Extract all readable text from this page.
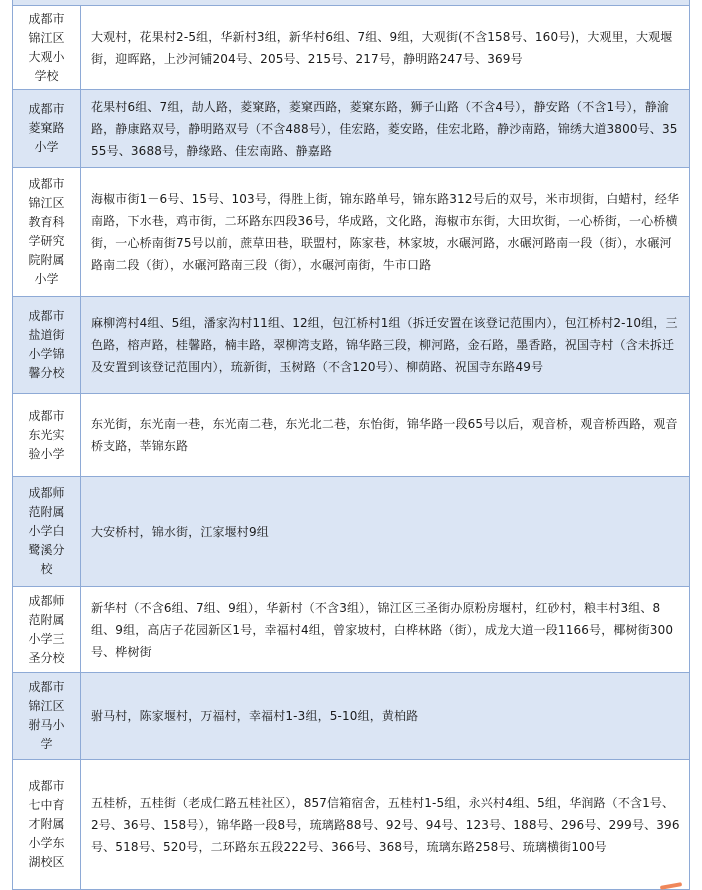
成都市锦江区大观小学校
大观村，花果村2-5组，华新村3组，新华村6组、7组、9组，大观街(不含158号、160号)，大观里，大观堰街，迎晖路，上沙河铺204号、205号、215号、217号，静明路247号、369号
成都市菱窠路小学
花果村6组、7组，劼人路，菱窠路，菱窠西路，菱窠东路，狮子山路（不含4号），静安路（不含1号），静渝路，静康路双号，静明路双号（不含488号），佳宏路，菱安路，佳宏北路，静沙南路，锦绣大道3800号、3555号、3688号，静缘路、佳宏南路、静嘉路
成都市锦江区教育科学研究院附属小学
海椒市街1－6号、15号、103号，得胜上街，锦东路单号，锦东路312号后的双号，米市坝街，白蜡村，经华南路，下水巷，鸡市街，二环路东四段36号，华成路，文化路，海椒市东街，大田坎街，一心桥街，一心桥横街，一心桥南街75号以前，蔗草田巷，联盟村，陈家巷，林家坡，水碾河路，水碾河路南一段（街），水碾河路南二段（街），水碾河路南三段（街），水碾河南街，牛市口路
成都市盐道街小学锦馨分校
麻柳湾村4组、5组，潘家沟村11组、12组，包江桥村1组（拆迁安置在该登记范围内），包江桥村2-10组，三色路，榕声路，桂馨路，楠丰路，翠柳湾支路，锦华路三段，柳河路，金石路，墨香路，祝国寺村（含未拆迁及安置到该登记范围内），琉新街，玉树路（不含120号）、柳荫路、祝国寺东路49号
成都市东光实验小学
东光街，东光南一巷，东光南二巷，东光北二巷，东怡街，锦华路一段65号以后，观音桥，观音桥西路，观音桥支路，莘锦东路
成都师范附属小学白鹭溪分校
大安桥村，锦水街，江家堰村9组
成都师范附属小学三圣分校
新华村（不含6组、7组、9组），华新村（不含3组），锦江区三圣街办原粉房堰村，红砂村，粮丰村3组、8组、9组，高店子花园新区1号，幸福村4组，曾家坡村，白桦林路（街），成龙大道一段1166号，椰树街300号、桦树街
成都市锦江区驸马小学
驸马村，陈家堰村，万福村，幸福村1-3组，5-10组，黄柏路
成都市七中育才附属小学东湖校区
五桂桥，五桂街（老成仁路五桂社区），857信箱宿舍，五桂村1-5组，永兴村4组、5组，华润路（不含1号、2号、36号、158号），锦华路一段8号，琉璃路88号、92号、94号、123号、188号、296号、299号、396号、518号、520号，二环路东五段222号、366号、368号，琉璃东路258号、琉璃横街100号
